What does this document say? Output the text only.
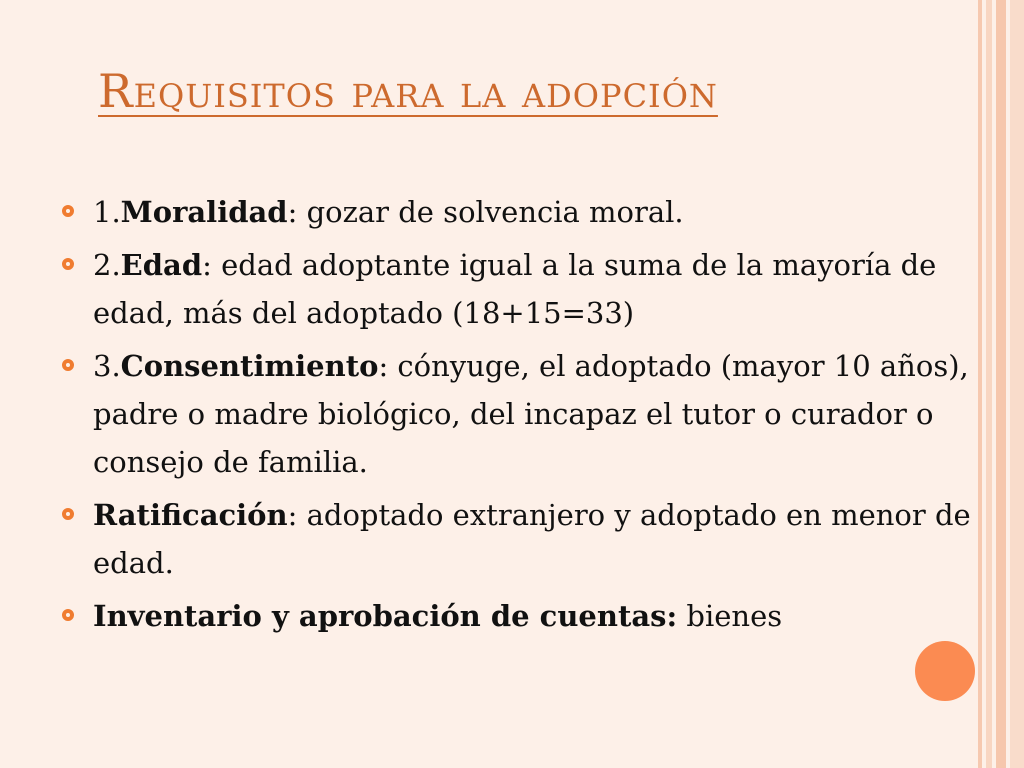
Requisitos para la adopción
1.Moralidad: gozar de solvencia moral.
2.Edad: edad adoptante igual a la suma de la mayoría de edad, más del adoptado (18+15=33)
3.Consentimiento: cónyuge, el adoptado (mayor 10 años), padre o madre biológico, del incapaz el tutor o curador o consejo de familia.
Ratificación: adoptado extranjero y adoptado en menor de edad.
Inventario y aprobación de cuentas: bienes
